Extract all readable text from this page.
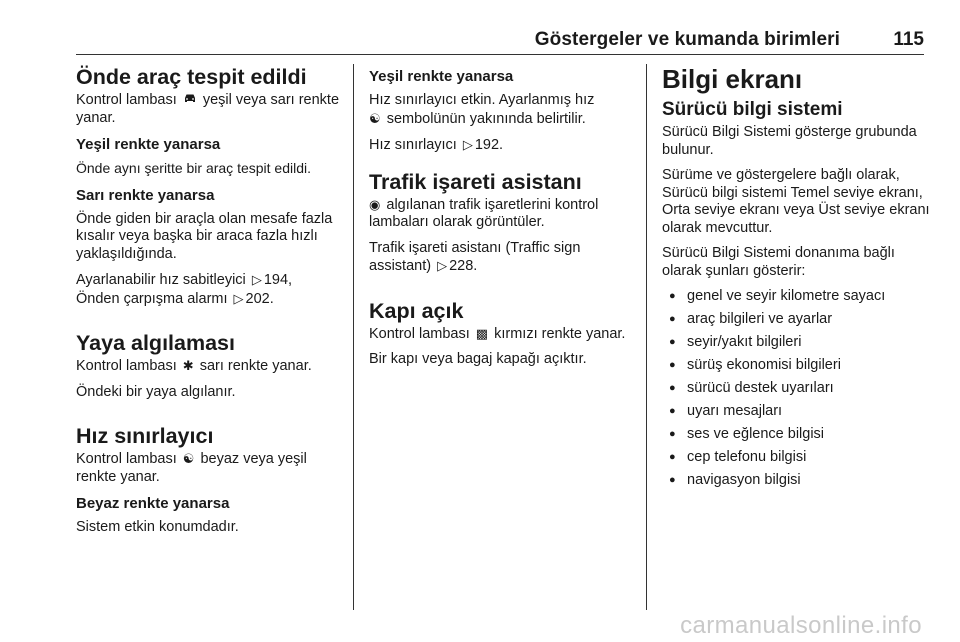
Göstergeler ve kumanda birimleri	115
Önde araç tespit edildi

Kontrol lambası yeşil veya sarı renkte yanar.

Yeşil renkte yanarsa

Önde aynı şeritte bir araç tespit edildi.

Sarı renkte yanarsa

Önde giden bir araçla olan mesafe fazla kısalır veya başka bir araca fazla hızlı yaklaşıldığında.

Ayarlanabilir hız sabitleyici ▷ 194,
Önden çarpışma alarmı ▷ 202.

Yaya algılaması

Kontrol lambası ✱ sarı renkte yanar.

Öndeki bir yaya algılanır.

Hız sınırlayıcı

Kontrol lambası ☯ beyaz veya yeşil renkte yanar.

Beyaz renkte yanarsa

Sistem etkin konumdadır.

Yeşil renkte yanarsa

Hız sınırlayıcı etkin. Ayarlanmış hız
☯ sembolünün yakınında belirtilir.

Hız sınırlayıcı ▷ 192.

Trafik işareti asistanı

◉ algılanan trafik işaretlerini kontrol lambaları olarak görüntüler.

Trafik işareti asistanı (Traffic sign assistant) ▷ 228.

Kapı açık

Kontrol lambası ▩ kırmızı renkte yanar.

Bir kapı veya bagaj kapağı açıktır.

Bilgi ekranı
Sürücü bilgi sistemi

Sürücü Bilgi Sistemi gösterge grubunda bulunur.

Sürüme ve göstergelere bağlı olarak, Sürücü bilgi sistemi Temel seviye ekranı, Orta seviye ekranı veya Üst seviye ekranı olarak mevcuttur.

Sürücü Bilgi Sistemi donanıma bağlı olarak şunları gösterir:

● genel ve seyir kilometre sayacı
● araç bilgileri ve ayarlar
● seyir/yakıt bilgileri
● sürüş ekonomisi bilgileri
● sürücü destek uyarıları
● uyarı mesajları
● ses ve eğlence bilgisi
● cep telefonu bilgisi
● navigasyon bilgisi
carmanualsonline.info
